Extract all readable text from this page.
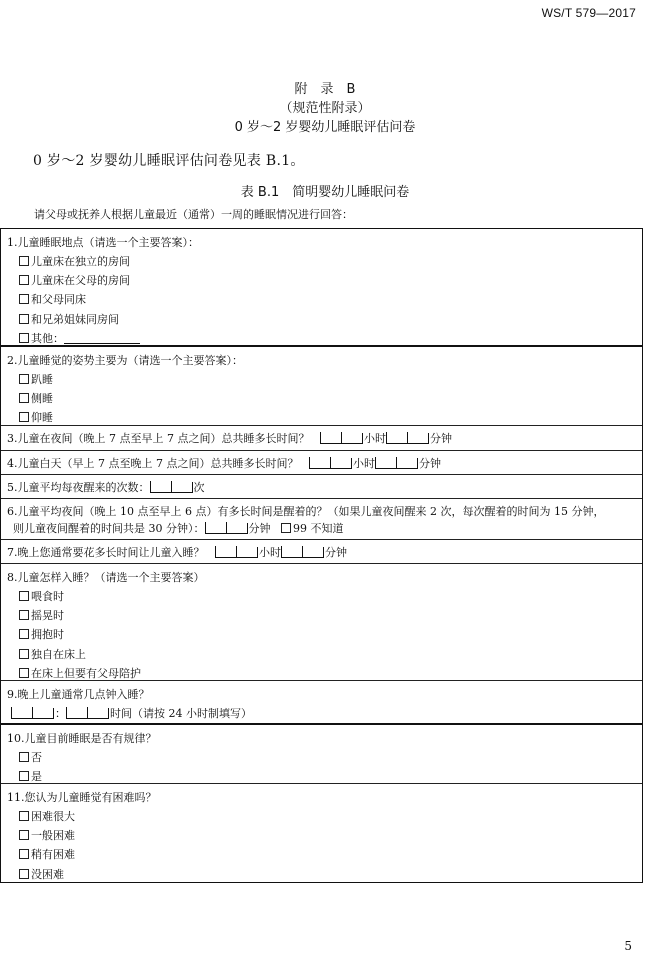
WS/T 579—2017
附　录　B
（规范性附录）
0 岁～2 岁婴幼儿睡眠评估问卷
0 岁～2 岁婴幼儿睡眠评估问卷见表 B.1。
表 B.1　简明婴幼儿睡眠问卷
请父母或抚养人根据儿童最近（通常）一周的睡眠情况进行回答：
1.儿童睡眠地点（请选一个主要答案）：
儿童床在独立的房间
儿童床在父母的房间
和父母同床
和兄弟姐妹同房间
其他：
2.儿童睡觉的姿势主要为（请选一个主要答案）：
趴睡
侧睡
仰睡
3.儿童在夜间（晚上 7 点至早上 7 点之间）总共睡多长时间？	小时	分钟
4.儿童白天（早上 7 点至晚上 7 点之间）总共睡多长时间？	小时	分钟
5.儿童平均每夜醒来的次数：	次
6.儿童平均夜间（晚上 10 点至早上 6 点）有多长时间是醒着的？（如果儿童夜间醒来 2 次，每次醒着的时间为 15 分钟，
则儿童夜间醒着的时间共是 30 分钟）：	分钟 99 不知道
7.晚上您通常要花多长时间让儿童入睡？	小时	分钟
8.儿童怎样入睡？（请选一个主要答案）
喂食时
摇晃时
拥抱时
独自在床上
在床上但要有父母陪护
9.晚上儿童通常几点钟入睡？
：	时间（请按 24 小时制填写）
10.儿童目前睡眠是否有规律？
否
是
11.您认为儿童睡觉有困难吗？
困难很大
一般困难
稍有困难
没困难
5
